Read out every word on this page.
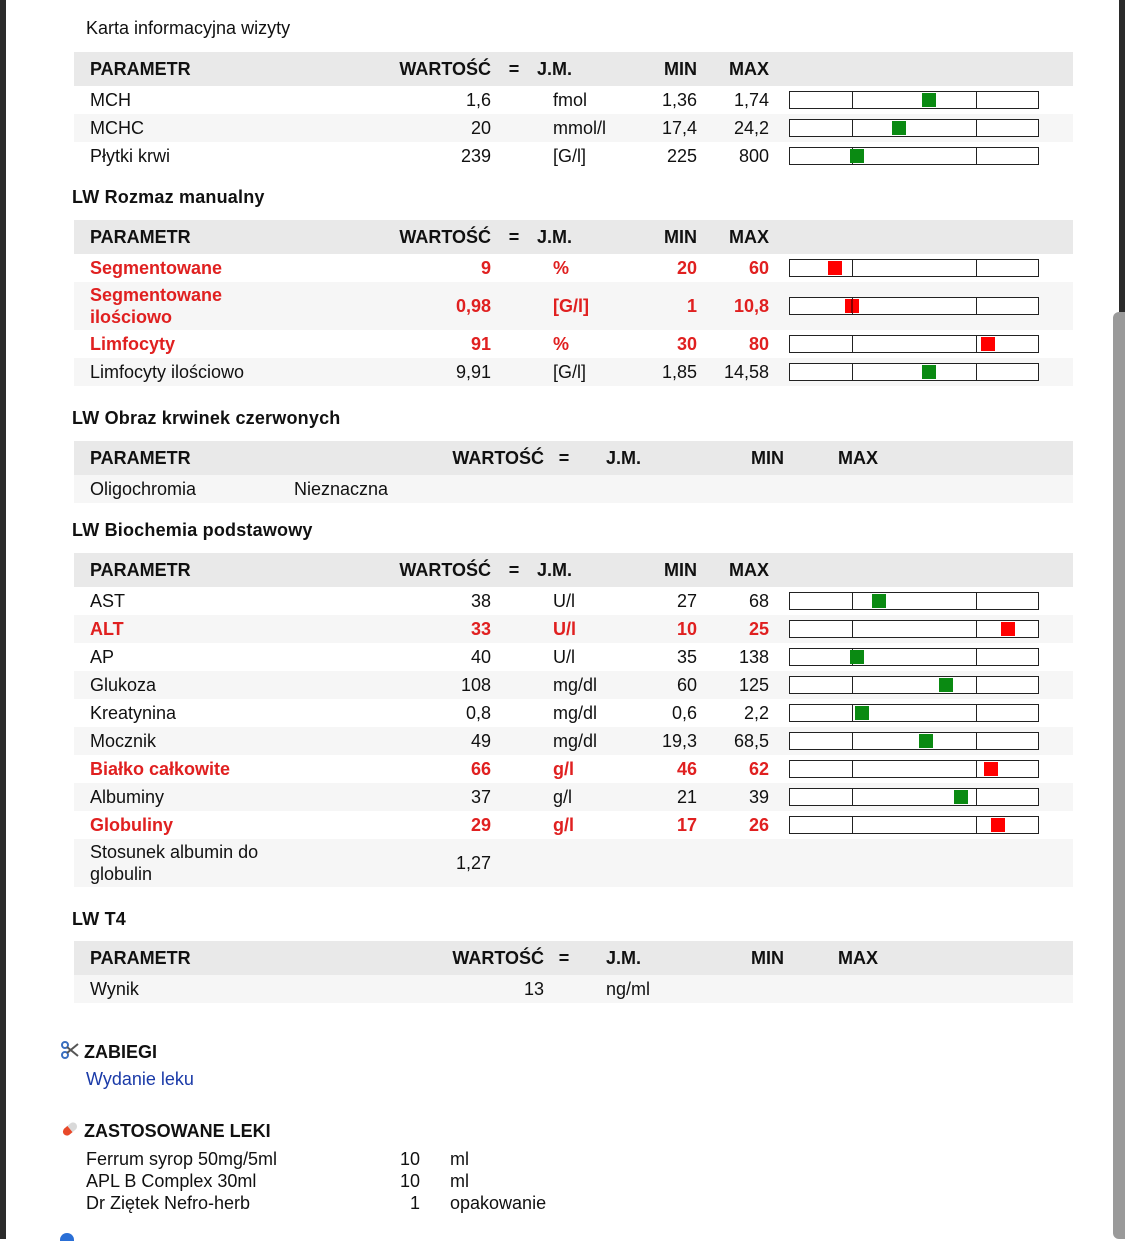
Karta informacyjna wizyty
PARAMETR	WARTOŚĆ	=	J.M.	MIN	MAX	
MCH	1,6		fmol	1,36	1,74	

MCHC	20		mmol/l	17,4	24,2	

Płytki krwi	239		[G/l]	225	800	
LW Rozmaz manualny
PARAMETR	WARTOŚĆ	=	J.M.	MIN	MAX	
Segmentowane	9		%	20	60	

Segmentowane ilościowo	0,98		[G/l]	1	10,8	

Limfocyty	91		%	30	80	

Limfocyty ilościowo	9,91		[G/l]	1,85	14,58	
LW Obraz krwinek czerwonych
PARAMETR	WARTOŚĆ	=	J.M.	MIN	MAX	
Oligochromia	Nieznaczna					
LW Biochemia podstawowy
PARAMETR	WARTOŚĆ	=	J.M.	MIN	MAX	
AST	38		U/l	27	68	

ALT	33		U/l	10	25	

AP	40		U/l	35	138	

Glukoza	108		mg/dl	60	125	

Kreatynina	0,8		mg/dl	0,6	2,2	

Mocznik	49		mg/dl	19,3	68,5	

Białko całkowite	66		g/l	46	62	

Albuminy	37		g/l	21	39	

Globuliny	29		g/l	17	26	

Stosunek albumin do globulin	1,27					
LW T4
PARAMETR	WARTOŚĆ	=	J.M.	MIN	MAX	
Wynik	13		ng/ml			
ZABIEGI
Wydanie leku
ZASTOSOWANE LEKI
Ferrum syrop 50mg/5ml	10	ml
APL B Complex 30ml	10	ml
Dr Ziętek Nefro-herb	1	opakowanie
